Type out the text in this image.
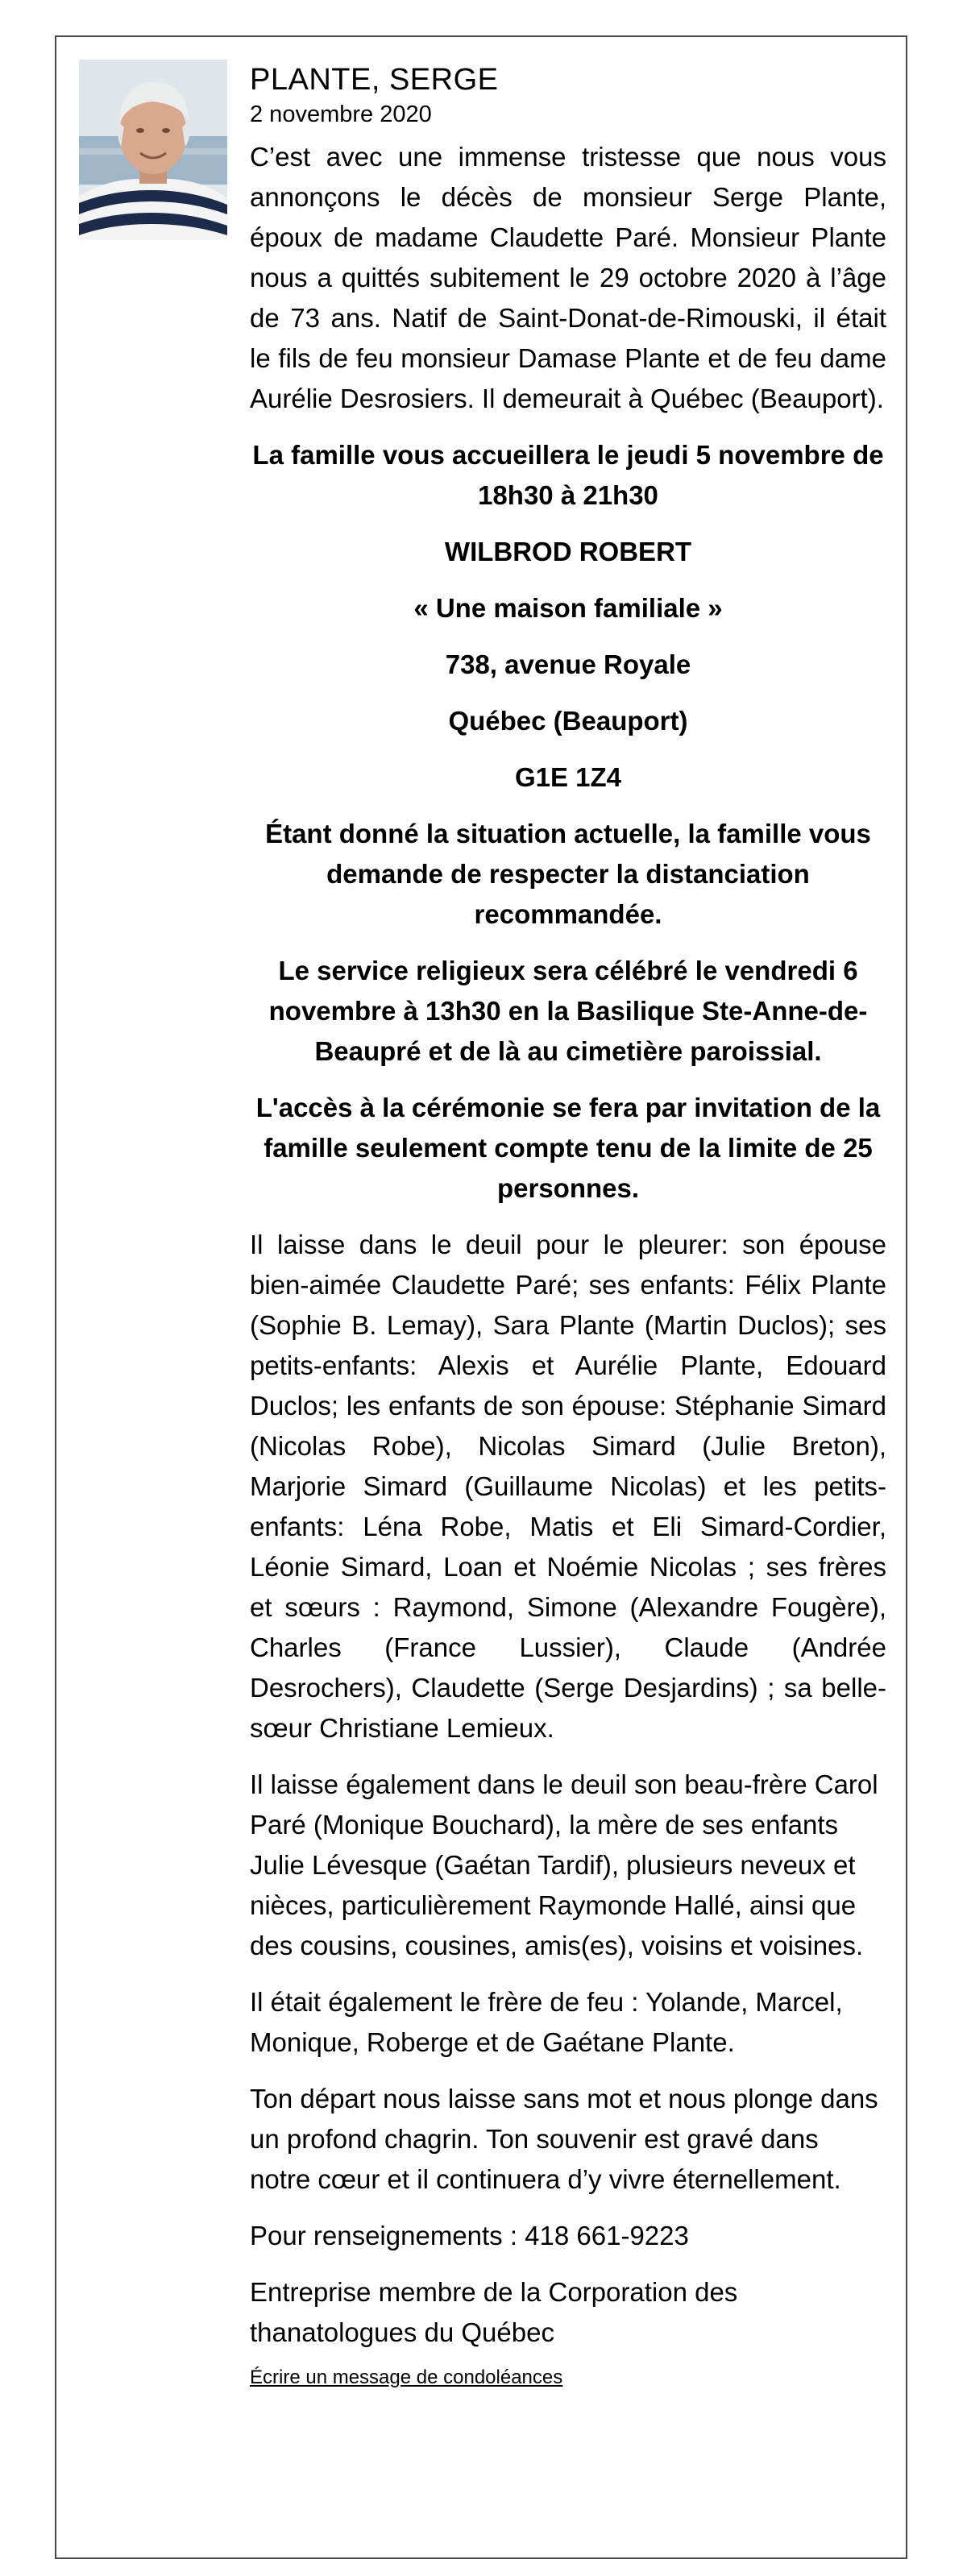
PLANTE, SERGE
2 novembre 2020

C’est avec une immense tristesse que nous vous annonçons le décès de monsieur Serge Plante, époux de madame Claudette Paré. Monsieur Plante nous a quittés subitement le 29 octobre 2020 à l’âge de 73 ans. Natif de Saint-Donat-de-Rimouski, il était le fils de feu monsieur Damase Plante et de feu dame Aurélie Desrosiers. Il demeurait à Québec (Beauport).

La famille vous accueillera le jeudi 5 novembre de 18h30 à 21h30

WILBROD ROBERT

« Une maison familiale »

738, avenue Royale

Québec (Beauport)

G1E 1Z4

Étant donné la situation actuelle, la famille vous demande de respecter la distanciation recommandée.

Le service religieux sera célébré le vendredi 6 novembre à 13h30 en la Basilique Ste-Anne-de-Beaupré et de là au cimetière paroissial.

L'accès à la cérémonie se fera par invitation de la famille seulement compte tenu de la limite de 25 personnes.

Il laisse dans le deuil pour le pleurer: son épouse bien-aimée Claudette Paré; ses enfants: Félix Plante (Sophie B. Lemay), Sara Plante (Martin Duclos); ses petits-enfants: Alexis et Aurélie Plante, Edouard Duclos; les enfants de son épouse: Stéphanie Simard (Nicolas Robe), Nicolas Simard (Julie Breton), Marjorie Simard (Guillaume Nicolas) et les petits-enfants: Léna Robe, Matis et Eli Simard-Cordier, Léonie Simard, Loan et Noémie Nicolas ; ses frères et sœurs : Raymond, Simone (Alexandre Fougère), Charles (France Lussier), Claude (Andrée Desrochers), Claudette (Serge Desjardins) ; sa belle-sœur Christiane Lemieux.

Il laisse également dans le deuil son beau-frère Carol Paré (Monique Bouchard), la mère de ses enfants Julie Lévesque (Gaétan Tardif), plusieurs neveux et nièces, particulièrement Raymonde Hallé, ainsi que des cousins, cousines, amis(es), voisins et voisines.

Il était également le frère de feu : Yolande, Marcel, Monique, Roberge et de Gaétane Plante.

Ton départ nous laisse sans mot et nous plonge dans un profond chagrin. Ton souvenir est gravé dans notre cœur et il continuera d’y vivre éternellement.

Pour renseignements : 418 661-9223

Entreprise membre de la Corporation des thanatologues du Québec

Écrire un message de condoléances
